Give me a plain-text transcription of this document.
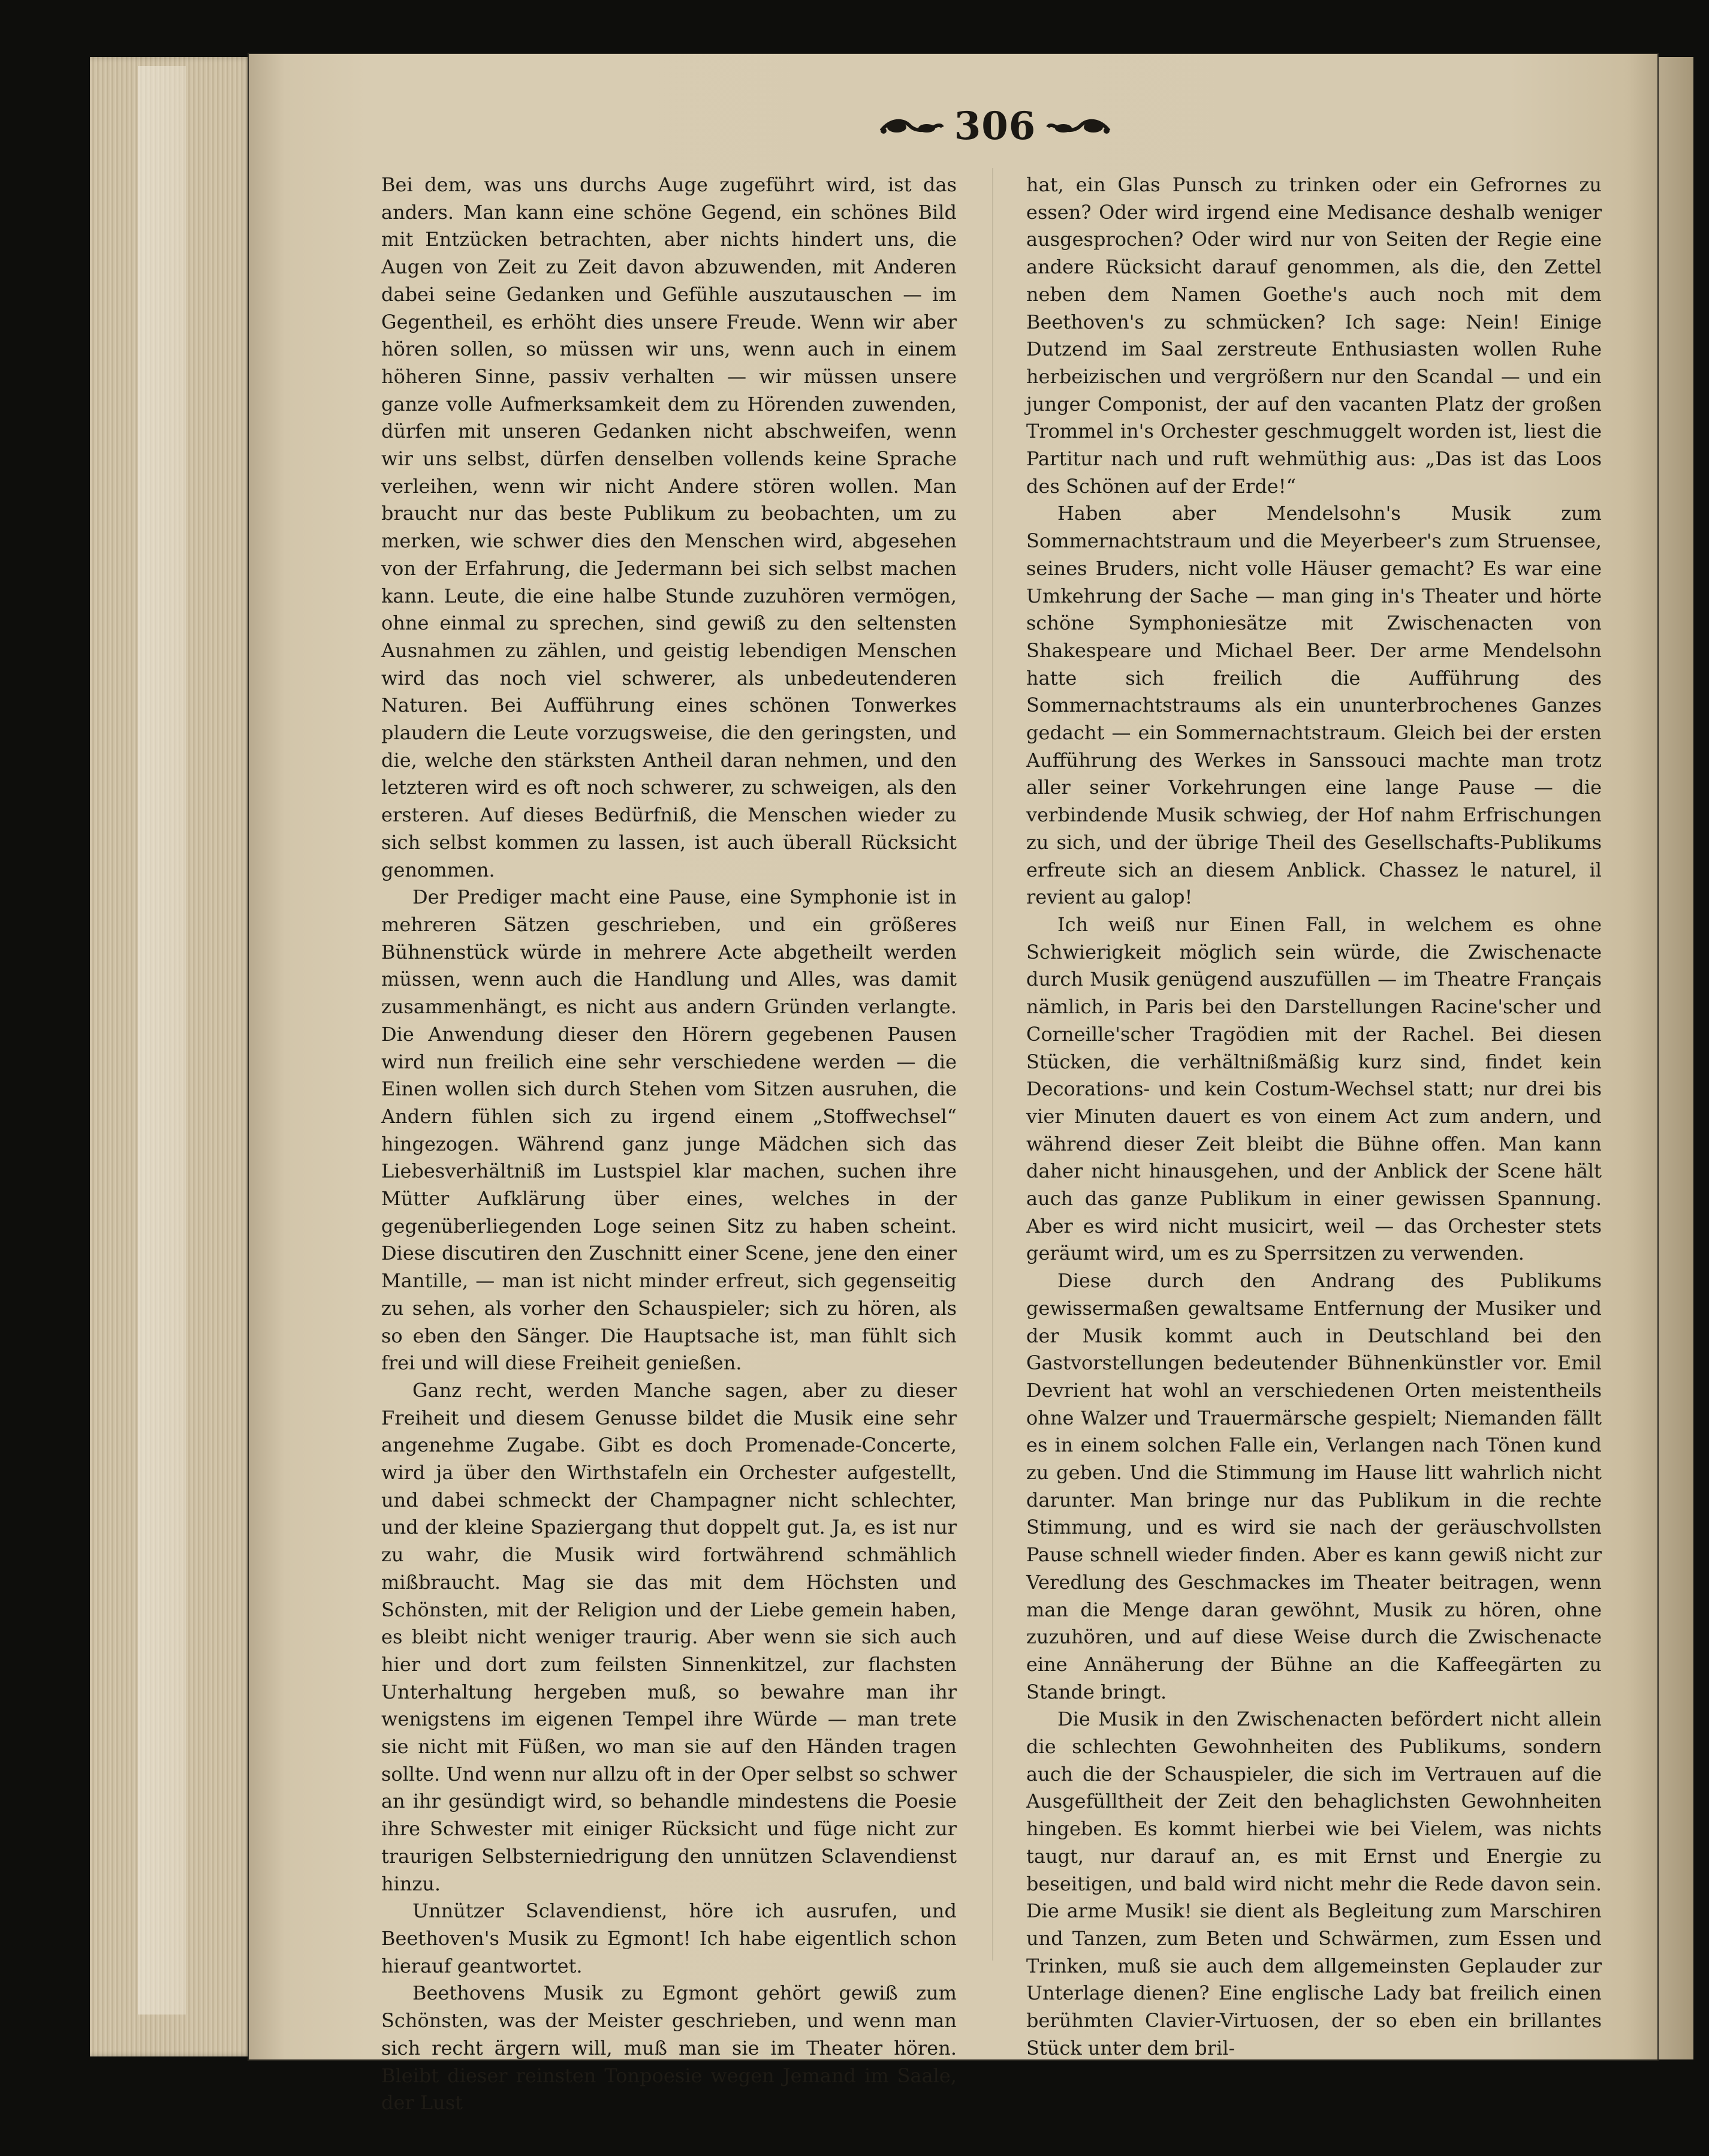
306

Bei dem, was uns durchs Auge zugeführt wird, ist das anders. Man kann eine schöne Gegend, ein schönes Bild mit Entzücken betrachten, aber nichts hindert uns, die Augen von Zeit zu Zeit davon abzuwenden, mit Anderen dabei seine Gedanken und Gefühle auszutauschen — im Gegentheil, es erhöht dies unsere Freude. Wenn wir aber hören sollen, so müssen wir uns, wenn auch in einem höheren Sinne, passiv verhalten — wir müssen unsere ganze volle Aufmerksamkeit dem zu Hörenden zuwenden, dürfen mit unseren Gedanken nicht abschweifen, wenn wir uns selbst, dürfen denselben vollends keine Sprache verleihen, wenn wir nicht Andere stören wollen. Man braucht nur das beste Publikum zu beobachten, um zu merken, wie schwer dies den Menschen wird, abgesehen von der Erfahrung, die Jedermann bei sich selbst machen kann. Leute, die eine halbe Stunde zuzuhören vermögen, ohne einmal zu sprechen, sind gewiß zu den seltensten Ausnahmen zu zählen, und geistig lebendigen Menschen wird das noch viel schwerer, als unbedeutenderen Naturen. Bei Aufführung eines schönen Tonwerkes plaudern die Leute vorzugsweise, die den geringsten, und die, welche den stärksten Antheil daran nehmen, und den letzteren wird es oft noch schwerer, zu schweigen, als den ersteren. Auf dieses Bedürfniß, die Menschen wieder zu sich selbst kommen zu lassen, ist auch überall Rücksicht genommen.

Der Prediger macht eine Pause, eine Symphonie ist in mehreren Sätzen geschrieben, und ein größeres Bühnenstück würde in mehrere Acte abgetheilt werden müssen, wenn auch die Handlung und Alles, was damit zusammenhängt, es nicht aus andern Gründen verlangte. Die Anwendung dieser den Hörern gegebenen Pausen wird nun freilich eine sehr verschiedene werden — die Einen wollen sich durch Stehen vom Sitzen ausruhen, die Andern fühlen sich zu irgend einem „Stoffwechsel“ hingezogen. Während ganz junge Mädchen sich das Liebesverhältniß im Lustspiel klar machen, suchen ihre Mütter Aufklärung über eines, welches in der gegenüberliegenden Loge seinen Sitz zu haben scheint. Diese discutiren den Zuschnitt einer Scene, jene den einer Mantille, — man ist nicht minder erfreut, sich gegenseitig zu sehen, als vorher den Schauspieler; sich zu hören, als so eben den Sänger. Die Hauptsache ist, man fühlt sich frei und will diese Freiheit genießen.

Ganz recht, werden Manche sagen, aber zu dieser Freiheit und diesem Genusse bildet die Musik eine sehr angenehme Zugabe. Gibt es doch Promenade-Concerte, wird ja über den Wirthstafeln ein Orchester aufgestellt, und dabei schmeckt der Champagner nicht schlechter, und der kleine Spaziergang thut doppelt gut. Ja, es ist nur zu wahr, die Musik wird fortwährend schmählich mißbraucht. Mag sie das mit dem Höchsten und Schönsten, mit der Religion und der Liebe gemein haben, es bleibt nicht weniger traurig. Aber wenn sie sich auch hier und dort zum feilsten Sinnenkitzel, zur flachsten Unterhaltung hergeben muß, so bewahre man ihr wenigstens im eigenen Tempel ihre Würde — man trete sie nicht mit Füßen, wo man sie auf den Händen tragen sollte. Und wenn nur allzu oft in der Oper selbst so schwer an ihr gesündigt wird, so behandle mindestens die Poesie ihre Schwester mit einiger Rücksicht und füge nicht zur traurigen Selbsterniedrigung den unnützen Sclavendienst hinzu.

Unnützer Sclavendienst, höre ich ausrufen, und Beethoven's Musik zu Egmont! Ich habe eigentlich schon hierauf geantwortet.

Beethovens Musik zu Egmont gehört gewiß zum Schönsten, was der Meister geschrieben, und wenn man sich recht ärgern will, muß man sie im Theater hören. Bleibt dieser reinsten Tonpoesie wegen Jemand im Saale, der Lust

hat, ein Glas Punsch zu trinken oder ein Gefrornes zu essen? Oder wird irgend eine Medisance deshalb weniger ausgesprochen? Oder wird nur von Seiten der Regie eine andere Rücksicht darauf genommen, als die, den Zettel neben dem Namen Goethe's auch noch mit dem Beethoven's zu schmücken? Ich sage: Nein! Einige Dutzend im Saal zerstreute Enthusiasten wollen Ruhe herbeizischen und vergrößern nur den Scandal — und ein junger Componist, der auf den vacanten Platz der großen Trommel in's Orchester geschmuggelt worden ist, liest die Partitur nach und ruft wehmüthig aus: „Das ist das Loos des Schönen auf der Erde!“

Haben aber Mendelsohn's Musik zum Sommernachtstraum und die Meyerbeer's zum Struensee, seines Bruders, nicht volle Häuser gemacht? Es war eine Umkehrung der Sache — man ging in's Theater und hörte schöne Symphoniesätze mit Zwischenacten von Shakespeare und Michael Beer. Der arme Mendelsohn hatte sich freilich die Aufführung des Sommernachtstraums als ein ununterbrochenes Ganzes gedacht — ein Sommernachtstraum. Gleich bei der ersten Aufführung des Werkes in Sanssouci machte man trotz aller seiner Vorkehrungen eine lange Pause — die verbindende Musik schwieg, der Hof nahm Erfrischungen zu sich, und der übrige Theil des Gesellschafts-Publikums erfreute sich an diesem Anblick. Chassez le naturel, il revient au galop!

Ich weiß nur Einen Fall, in welchem es ohne Schwierigkeit möglich sein würde, die Zwischenacte durch Musik genügend auszufüllen — im Theatre Français nämlich, in Paris bei den Darstellungen Racine'scher und Corneille'scher Tragödien mit der Rachel. Bei diesen Stücken, die verhältnißmäßig kurz sind, findet kein Decorations- und kein Costum-Wechsel statt; nur drei bis vier Minuten dauert es von einem Act zum andern, und während dieser Zeit bleibt die Bühne offen. Man kann daher nicht hinausgehen, und der Anblick der Scene hält auch das ganze Publikum in einer gewissen Spannung. Aber es wird nicht musicirt, weil — das Orchester stets geräumt wird, um es zu Sperrsitzen zu verwenden.

Diese durch den Andrang des Publikums gewissermaßen gewaltsame Entfernung der Musiker und der Musik kommt auch in Deutschland bei den Gastvorstellungen bedeutender Bühnenkünstler vor. Emil Devrient hat wohl an verschiedenen Orten meistentheils ohne Walzer und Trauermärsche gespielt; Niemanden fällt es in einem solchen Falle ein, Verlangen nach Tönen kund zu geben. Und die Stimmung im Hause litt wahrlich nicht darunter. Man bringe nur das Publikum in die rechte Stimmung, und es wird sie nach der geräuschvollsten Pause schnell wieder finden. Aber es kann gewiß nicht zur Veredlung des Geschmackes im Theater beitragen, wenn man die Menge daran gewöhnt, Musik zu hören, ohne zuzuhören, und auf diese Weise durch die Zwischenacte eine Annäherung der Bühne an die Kaffeegärten zu Stande bringt.

Die Musik in den Zwischenacten befördert nicht allein die schlechten Gewohnheiten des Publikums, sondern auch die der Schauspieler, die sich im Vertrauen auf die Ausgefülltheit der Zeit den behaglichsten Gewohnheiten hingeben. Es kommt hierbei wie bei Vielem, was nichts taugt, nur darauf an, es mit Ernst und Energie zu beseitigen, und bald wird nicht mehr die Rede davon sein. Die arme Musik! sie dient als Begleitung zum Marschiren und Tanzen, zum Beten und Schwärmen, zum Essen und Trinken, muß sie auch dem allgemeinsten Geplauder zur Unterlage dienen? Eine englische Lady bat freilich einen berühmten Clavier-Virtuosen, der so eben ein brillantes Stück unter dem bril-
